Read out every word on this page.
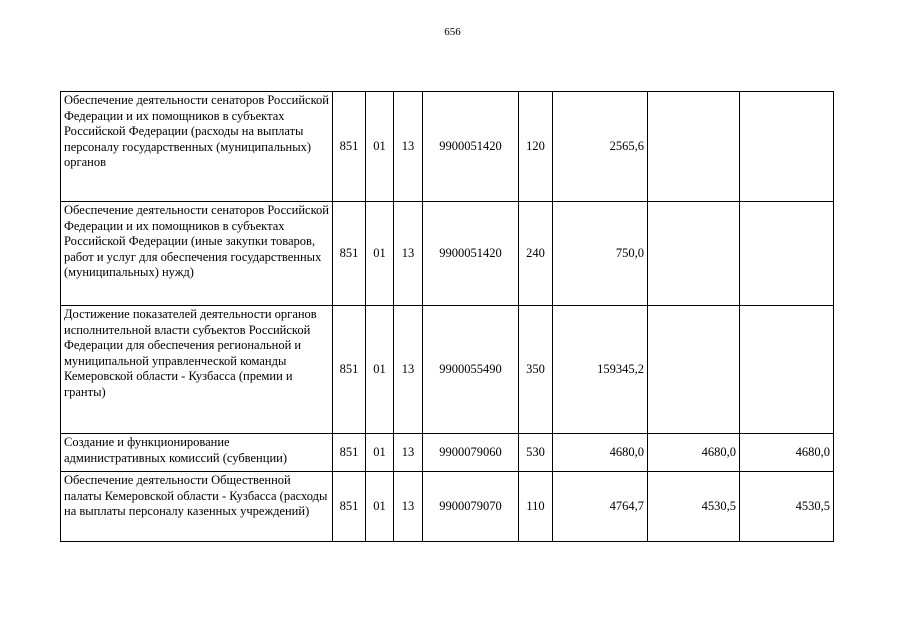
656
Обеспечение деятельности сенаторов Российской Федерации и их помощников в субъектах Российской Федерации (расходы на выплаты персоналу государственных (муниципальных) органов	851	01	13	9900051420	120	2565,6		
Обеспечение деятельности сенаторов Российской Федерации и их помощников в субъектах Российской Федерации (иные закупки товаров, работ и услуг для обеспечения государственных (муниципальных) нужд)	851	01	13	9900051420	240	750,0		
Достижение показателей деятельности органов исполнительной власти субъектов Российской Федерации для обеспечения региональной и муниципальной управленческой команды Кемеровской области - Кузбасса (премии и гранты)	851	01	13	9900055490	350	159345,2		
Создание и функционирование административных комиссий (субвенции)	851	01	13	9900079060	530	4680,0	4680,0	4680,0
Обеспечение деятельности Общественной палаты Кемеровской области - Кузбасса (расходы на выплаты персоналу казенных учреждений)	851	01	13	9900079070	110	4764,7	4530,5	4530,5
